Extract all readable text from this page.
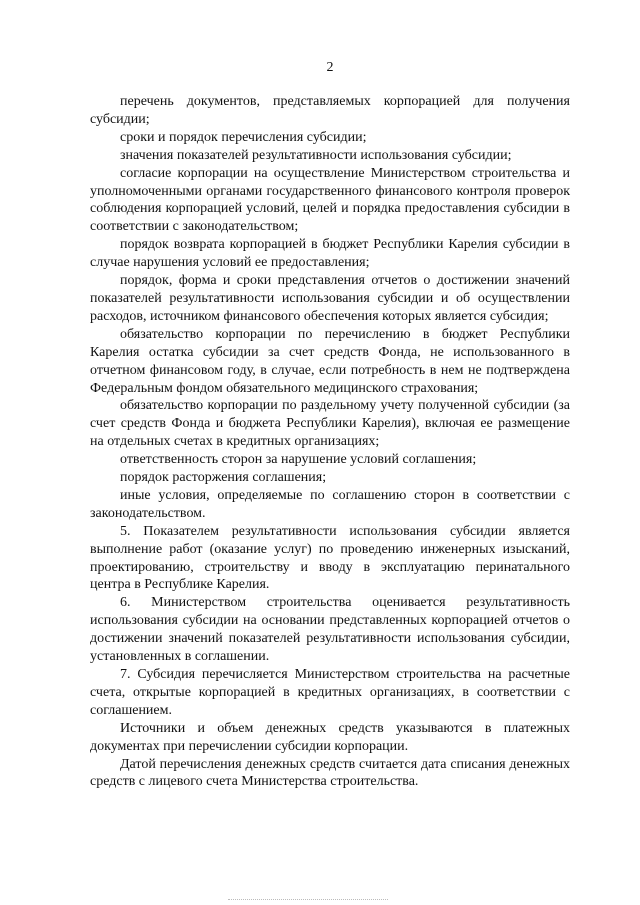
2

перечень документов, представляемых корпорацией для получения субсидии;

сроки и порядок перечисления субсидии;

значения показателей результативности использования субсидии;

согласие корпорации на осуществление Министерством строительства и уполномоченными органами государственного финансового контроля проверок соблюдения корпорацией условий, целей и порядка предоставления субсидии в соответствии с законодательством;

порядок возврата корпорацией в бюджет Республики Карелия субсидии в случае нарушения условий ее предоставления;

порядок, форма и сроки представления отчетов о достижении значений показателей результативности использования субсидии и об осуществлении расходов, источником финансового обеспечения которых является субсидия;

обязательство корпорации по перечислению в бюджет Республики Карелия остатка субсидии за счет средств Фонда, не использованного в отчетном финансовом году, в случае, если потребность в нем не подтверждена Федеральным фондом обязательного медицинского страхования;

обязательство корпорации по раздельному учету полученной субсидии (за счет средств Фонда и бюджета Республики Карелия), включая ее размещение на отдельных счетах в кредитных организациях;

ответственность сторон за нарушение условий соглашения;

порядок расторжения соглашения;

иные условия, определяемые по соглашению сторон в соответствии с законодательством.

5. Показателем результативности использования субсидии является выполнение работ (оказание услуг) по проведению инженерных изысканий, проектированию, строительству и вводу в эксплуатацию перинатального центра в Республике Карелия.

6. Министерством строительства оценивается результативность использования субсидии на основании представленных корпорацией отчетов о достижении значений показателей результативности использования субсидии, установленных в соглашении.

7. Субсидия перечисляется Министерством строительства на расчетные счета, открытые корпорацией в кредитных организациях, в соответствии с соглашением.

Источники и объем денежных средств указываются в платежных документах при перечислении субсидии корпорации.

Датой перечисления денежных средств считается дата списания денежных средств с лицевого счета Министерства строительства.
